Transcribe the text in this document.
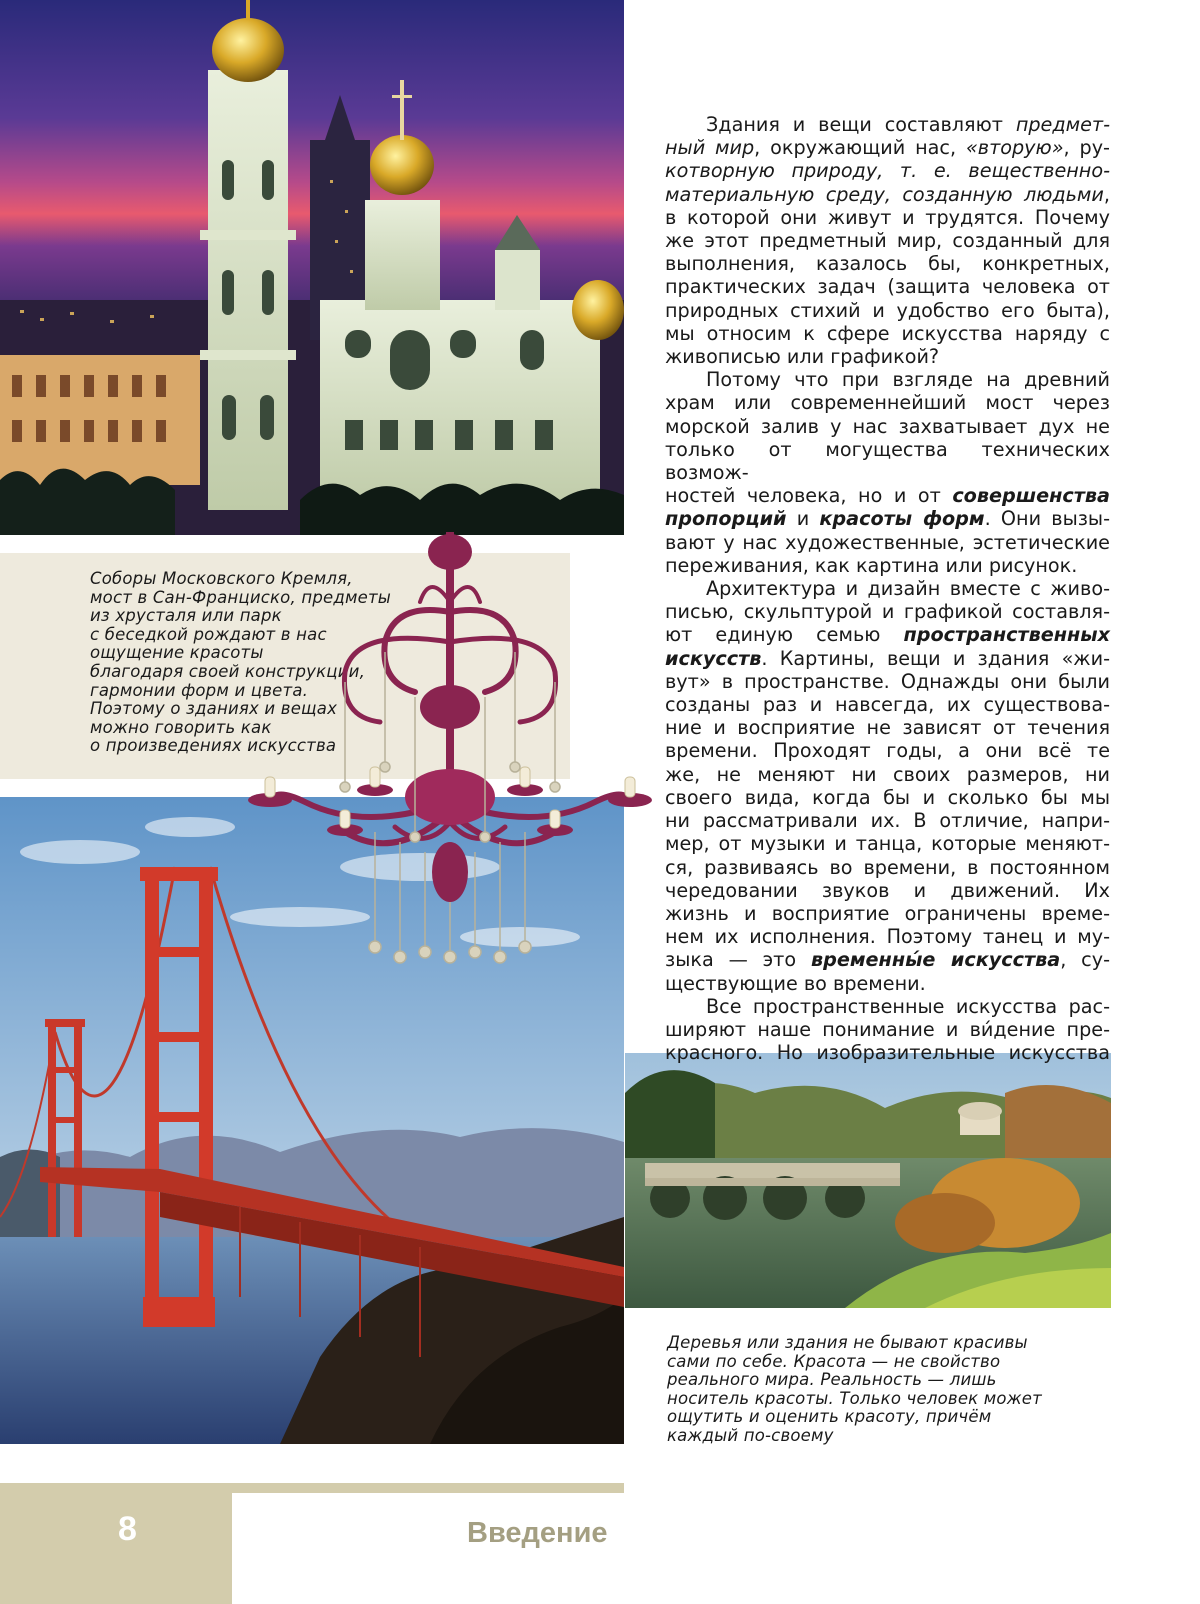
Соборы Московского Кремля,
мост в Сан-Франциско, предметы
из хрусталя или парк
с беседкой рождают в нас
ощущение красоты
благодаря своей конструкции,
гармонии форм и цвета.
Поэтому о зданиях и вещах
можно говорить как
о произведениях искусства
Деревья или здания не бывают красивы
сами по себе. Красота — не свойство
реального мира. Реальность — лишь
носитель красоты. Только человек может
ощутить и оценить красоту, причём
каждый по-своему
Здания и вещи составляют предмет-
ный мир, окружающий нас, «вторую», ру-
котворную природу, т. е. вещественно-
материальную среду, созданную людьми,
в которой они живут и трудятся. Почему
же этот предметный мир, созданный для
выполнения, казалось бы, конкретных,
практических задач (защита человека от
природных стихий и удобство его быта),
мы относим к сфере искусства наряду с
живописью или графикой?
Потому что при взгляде на древний
храм или современнейший мост через
морской залив у нас захватывает дух не
только от могущества технических возмож-
ностей человека, но и от совершенства
пропорций и красоты форм. Они вызы-
вают у нас художественные, эстетические
переживания, как картина или рисунок.
Архитектура и дизайн вместе с живо-
писью, скульптурой и графикой составля-
ют единую семью пространственных
искусств. Картины, вещи и здания «жи-
вут» в пространстве. Однажды они были
созданы раз и навсегда, их существова-
ние и восприятие не зависят от течения
времени. Проходят годы, а они всё те
же, не меняют ни своих размеров, ни
своего вида, когда бы и сколько бы мы
ни рассматривали их. В отличие, напри-
мер, от музыки и танца, которые меняют-
ся, развиваясь во времени, в постоянном
чередовании звуков и движений. Их
жизнь и восприятие ограничены време-
нем их исполнения. Поэтому танец и му-
зыка — это временны́е искусства, су-
ществующие во времени.
Все пространственные искусства рас-
ширяют наше понимание и ви́дение пре-
красного. Но изобразительные искусства
8	Введение
